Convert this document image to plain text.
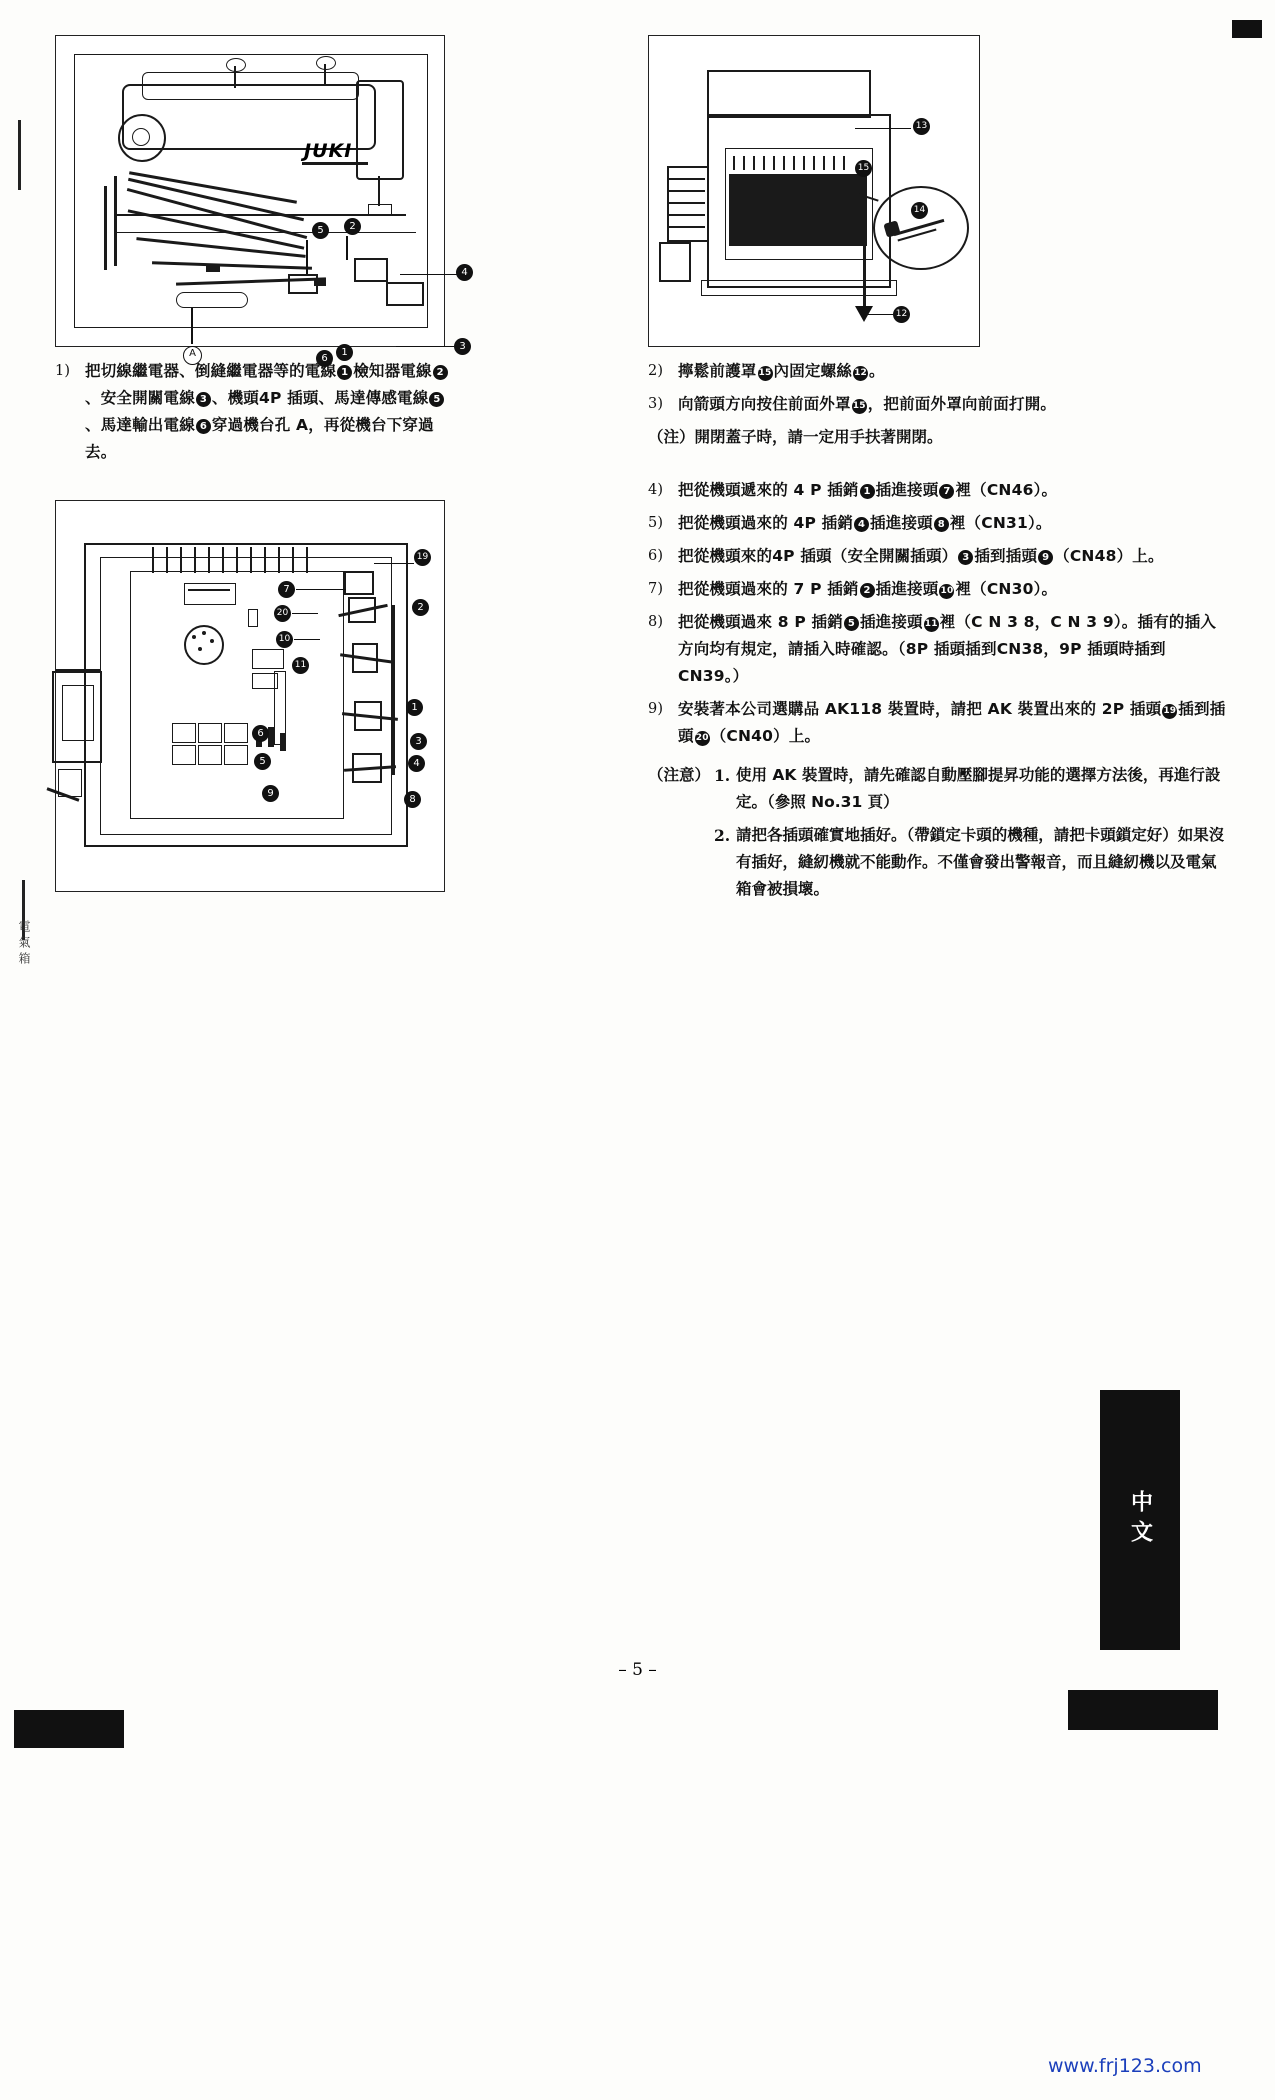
電氣箱
JUKI
5	2
4
3
1
6
A
13
14
15
12
19
7
20
10
11
5
6
2
1
3
4
8
9
1) 把切線繼電器、倒縫繼電器等的電線 1 檢知器電線 2、安全開關電線 3 、機頭4P 插頭、馬達傳感電線 5、馬達輸出電線 6 穿過機台孔 A，再從機台下穿過去。
2) 擰鬆前護罩 15 內固定螺絲 12 。
3) 向箭頭方向按住前面外罩 15 ，把前面外罩向前面打開。
（注） 開閉蓋子時，請一定用手扶著開閉。
4) 把從機頭遞來的 4 P 插銷 1 插進接頭 7 裡（CN46）。
5) 把從機頭過來的 4P 插銷 4 插進接頭 8 裡（CN31）。
6) 把從機頭來的4P 插頭（安全開關插頭） 3 插到插頭 9 （CN48）上。
7) 把從機頭過來的 7 P 插銷 2 插進接頭 10 裡（CN30）。
8) 把從機頭過來 8 P 插銷 5 插進接頭 11 裡（C N 3 8，C N 3 9）。插有的插入方向均有規定，請插入時確認。（8P 插頭插到CN38，9P 插頭時插到CN39。）
9) 安裝著本公司選購品 AK118 裝置時，請把 AK 裝置出來的 2P 插頭 19 插到插頭 20 （CN40）上。
（注意） 1. 使用 AK 裝置時，請先確認自動壓腳提昇功能的選擇方法後，再進行設定。（參照 No.31 頁）
2. 請把各插頭確實地插好。（帶鎖定卡頭的機種，請把卡頭鎖定好）如果沒有插好，縫紉機就不能動作。不僅會發出警報音，而且縫紉機以及電氣箱會被損壞。
中文
– 5 –
www.frj123.com
